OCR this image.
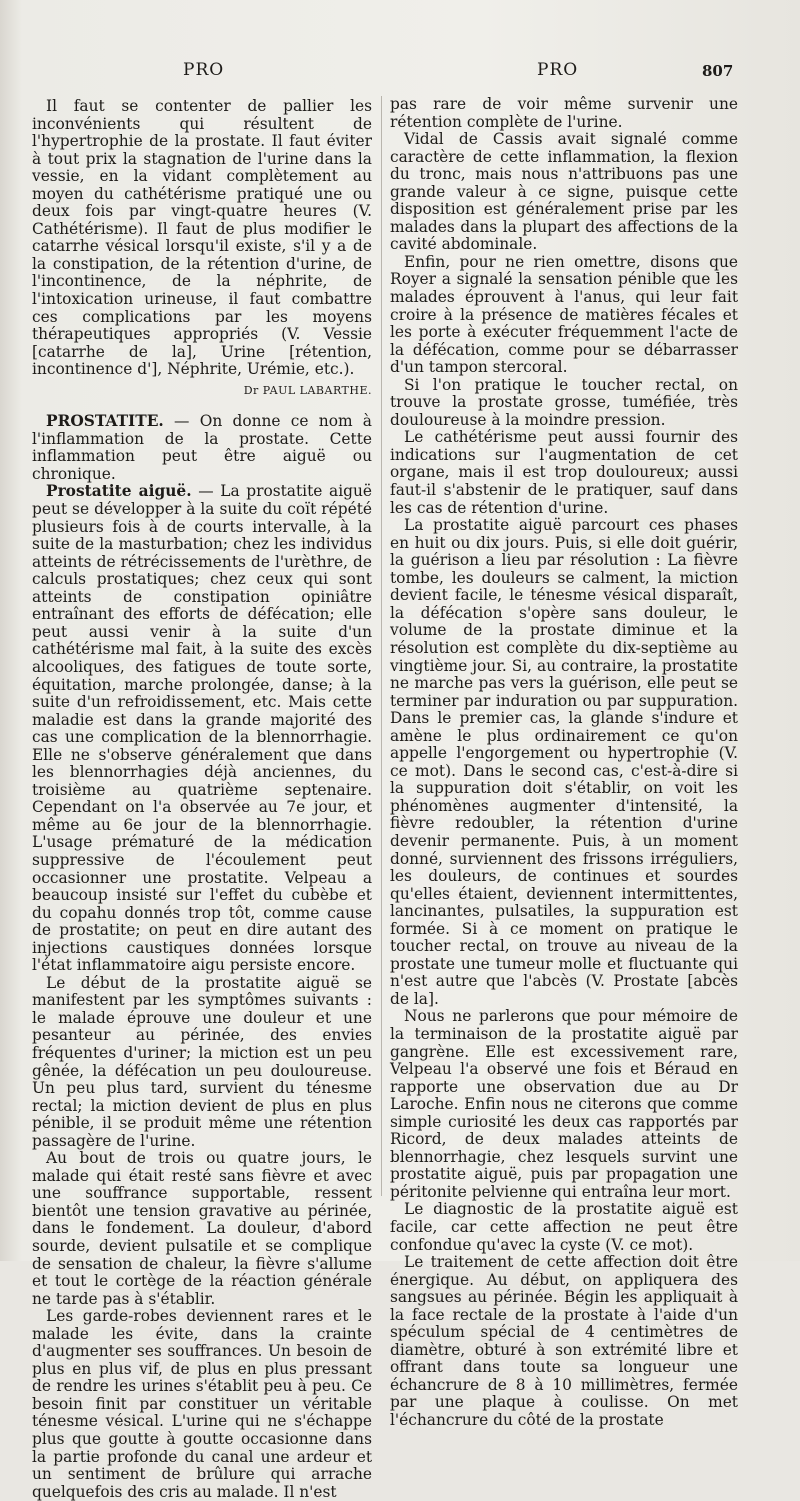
PRO	PRO	807

Il faut se contenter de pallier les inconvénients qui résultent de l'hypertrophie de la prostate. Il faut éviter à tout prix la stagnation de l'urine dans la vessie, en la vidant complètement au moyen du cathétérisme pratiqué une ou deux fois par vingt-quatre heures (V. Cathétérisme). Il faut de plus modifier le catarrhe vésical lorsqu'il existe, s'il y a de la constipation, de la rétention d'urine, de l'incontinence, de la néphrite, de l'intoxication urineuse, il faut combattre ces complications par les moyens thérapeutiques appropriés (V. Vessie [catarrhe de la], Urine [rétention, incontinence d'], Néphrite, Urémie, etc.).

Dr PAUL LABARTHE.

PROSTATITE. — On donne ce nom à l'inflammation de la prostate. Cette inflammation peut être aiguë ou chronique.

Prostatite aiguë. — La prostatite aiguë peut se développer à la suite du coït répété plusieurs fois à de courts intervalle, à la suite de la masturbation; chez les individus atteints de rétrécissements de l'urèthre, de calculs prostatiques; chez ceux qui sont atteints de constipation opiniâtre entraînant des efforts de défécation; elle peut aussi venir à la suite d'un cathétérisme mal fait, à la suite des excès alcooliques, des fatigues de toute sorte, équitation, marche prolongée, danse; à la suite d'un refroidissement, etc. Mais cette maladie est dans la grande majorité des cas une complication de la blennorrhagie. Elle ne s'observe généralement que dans les blennorrhagies déjà anciennes, du troisième au quatrième septenaire. Cependant on l'a observée au 7e jour, et même au 6e jour de la blennorrhagie. L'usage prématuré de la médication suppressive de l'écoulement peut occasionner une prostatite. Velpeau a beaucoup insisté sur l'effet du cubèbe et du copahu donnés trop tôt, comme cause de prostatite; on peut en dire autant des injections caustiques données lorsque l'état inflammatoire aigu persiste encore.

Le début de la prostatite aiguë se manifestent par les symptômes suivants : le malade éprouve une douleur et une pesanteur au périnée, des envies fréquentes d'uriner; la miction est un peu gênée, la défécation un peu douloureuse. Un peu plus tard, survient du ténesme rectal; la miction devient de plus en plus pénible, il se produit même une rétention passagère de l'urine.

Au bout de trois ou quatre jours, le malade qui était resté sans fièvre et avec une souffrance supportable, ressent bientôt une tension gravative au périnée, dans le fondement. La douleur, d'abord sourde, devient pulsatile et se complique de sensation de chaleur, la fièvre s'allume et tout le cortège de la réaction générale ne tarde pas à s'établir.

Les garde-robes deviennent rares et le malade les évite, dans la crainte d'augmenter ses souffrances. Un besoin de plus en plus vif, de plus en plus pressant de rendre les urines s'établit peu à peu. Ce besoin finit par constituer un véritable ténesme vésical. L'urine qui ne s'échappe plus que goutte à goutte occasionne dans la partie profonde du canal une ardeur et un sentiment de brûlure qui arrache quelquefois des cris au malade. Il n'est

pas rare de voir même survenir une rétention complète de l'urine.

Vidal de Cassis avait signalé comme caractère de cette inflammation, la flexion du tronc, mais nous n'attribuons pas une grande valeur à ce signe, puisque cette disposition est généralement prise par les malades dans la plupart des affections de la cavité abdominale.

Enfin, pour ne rien omettre, disons que Royer a signalé la sensation pénible que les malades éprouvent à l'anus, qui leur fait croire à la présence de matières fécales et les porte à exécuter fréquemment l'acte de la défécation, comme pour se débarrasser d'un tampon stercoral.

Si l'on pratique le toucher rectal, on trouve la prostate grosse, tuméfiée, très douloureuse à la moindre pression.

Le cathétérisme peut aussi fournir des indications sur l'augmentation de cet organe, mais il est trop douloureux; aussi faut-il s'abstenir de le pratiquer, sauf dans les cas de rétention d'urine.

La prostatite aiguë parcourt ces phases en huit ou dix jours. Puis, si elle doit guérir, la guérison a lieu par résolution : La fièvre tombe, les douleurs se calment, la miction devient facile, le ténesme vésical disparaît, la défécation s'opère sans douleur, le volume de la prostate diminue et la résolution est complète du dix-septième au vingtième jour. Si, au contraire, la prostatite ne marche pas vers la guérison, elle peut se terminer par induration ou par suppuration. Dans le premier cas, la glande s'indure et amène le plus ordinairement ce qu'on appelle l'engorgement ou hypertrophie (V. ce mot). Dans le second cas, c'est-à-dire si la suppuration doit s'établir, on voit les phénomènes augmenter d'intensité, la fièvre redoubler, la rétention d'urine devenir permanente. Puis, à un moment donné, surviennent des frissons irréguliers, les douleurs, de continues et sourdes qu'elles étaient, deviennent intermittentes, lancinantes, pulsatiles, la suppuration est formée. Si à ce moment on pratique le toucher rectal, on trouve au niveau de la prostate une tumeur molle et fluctuante qui n'est autre que l'abcès (V. Prostate [abcès de la].

Nous ne parlerons que pour mémoire de la terminaison de la prostatite aiguë par gangrène. Elle est excessivement rare, Velpeau l'a observé une fois et Béraud en rapporte une observation due au Dr Laroche. Enfin nous ne citerons que comme simple curiosité les deux cas rapportés par Ricord, de deux malades atteints de blennorrhagie, chez lesquels survint une prostatite aiguë, puis par propagation une péritonite pelvienne qui entraîna leur mort.

Le diagnostic de la prostatite aiguë est facile, car cette affection ne peut être confondue qu'avec la cyste (V. ce mot).

Le traitement de cette affection doit être énergique. Au début, on appliquera des sangsues au périnée. Bégin les appliquait à la face rectale de la prostate à l'aide d'un spéculum spécial de 4 centimètres de diamètre, obturé à son extrémité libre et offrant dans toute sa longueur une échancrure de 8 à 10 millimètres, fermée par une plaque à coulisse. On met l'échancrure du côté de la prostate
